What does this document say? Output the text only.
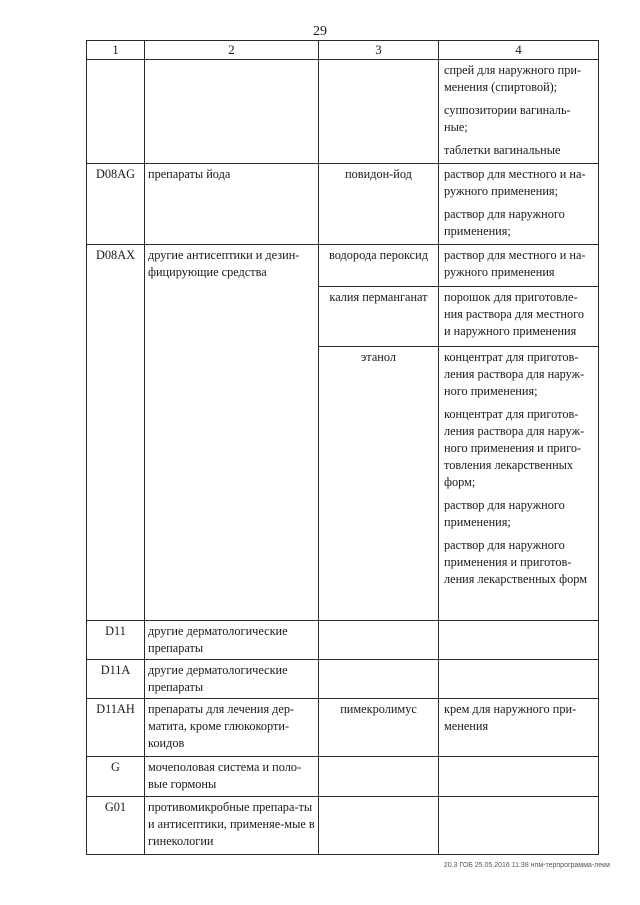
29
1	2	3	4

			спрей для наружного при-менения (спиртовой);
суппозитории вагиналь-ные;
таблетки вагинальные

D08AG	препараты йода	повидон-йод	раствор для местного и на-ружного применения;
раствор для наружного применения;

D08AX	другие антисептики и дезин-фицирующие средства	водорода пероксид	раствор для местного и на-ружного применения
		калия перманганат	порошок для приготовле-ния раствора для местного и наружного применения
		этанол	концентрат для приготов-ления раствора для наруж-ного применения;
концентрат для приготов-ления раствора для наруж-ного применения и приго-товления лекарственных форм;
раствор для наружного применения;
раствор для наружного применения и приготов-ления лекарственных форм

D11	другие дерматологические препараты		
D11A	другие дерматологические препараты		
D11AH	препараты для лечения дер-матита, кроме глюкокорти-коидов	пимекролимус	крем для наружного при-менения
G	мочеполовая система и поло-вые гормоны		
G01	противомикробные препара-ты и антисептики, применяе-мые в гинекологии		
20.3 ГОБ 25.05.2016 11:38 нпм-терпрограмма-лекм
